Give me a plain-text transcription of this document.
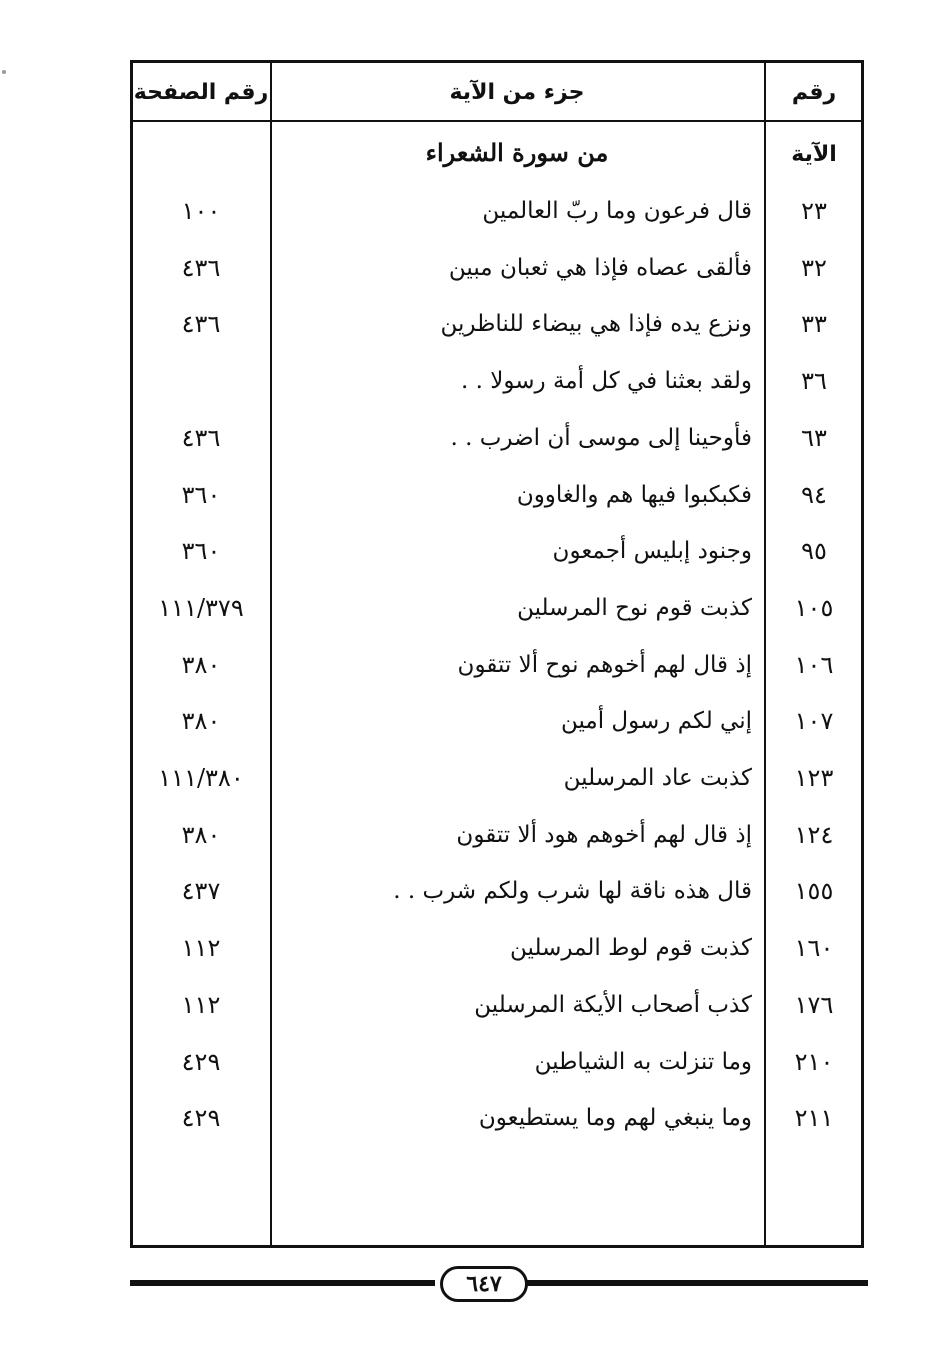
رقم الآية
جزء من الآية
رقم الصفحة
من سورة الشعراء
٢٣
قال فرعون وما ربّ العالمين
١٠٠
٣٢
فألقى عصاه فإذا هي ثعبان مبين
٤٣٦
٣٣
ونزع يده فإذا هي بيضاء للناظرين
٤٣٦
٣٦
ولقد بعثنا في كل أمة رسولا . .
٦٣
فأوحينا إلى موسى أن اضرب . .
٤٣٦
٩٤
فكبكبوا فيها هم والغاوون
٣٦٠
٩٥
وجنود إبليس أجمعون
٣٦٠
١٠٥
كذبت قوم نوح المرسلين
١١١/٣٧٩
١٠٦
إذ قال لهم أخوهم نوح ألا تتقون
٣٨٠
١٠٧
إني لكم رسول أمين
٣٨٠
١٢٣
كذبت عاد المرسلين
١١١/٣٨٠
١٢٤
إذ قال لهم أخوهم هود ألا تتقون
٣٨٠
١٥٥
قال هذه ناقة لها شرب ولكم شرب . .
٤٣٧
١٦٠
كذبت قوم لوط المرسلين
١١٢
١٧٦
كذب أصحاب الأيكة المرسلين
١١٢
٢١٠
وما تنزلت به الشياطين
٤٢٩
٢١١
وما ينبغي لهم وما يستطيعون
٤٢٩
٦٤٧
